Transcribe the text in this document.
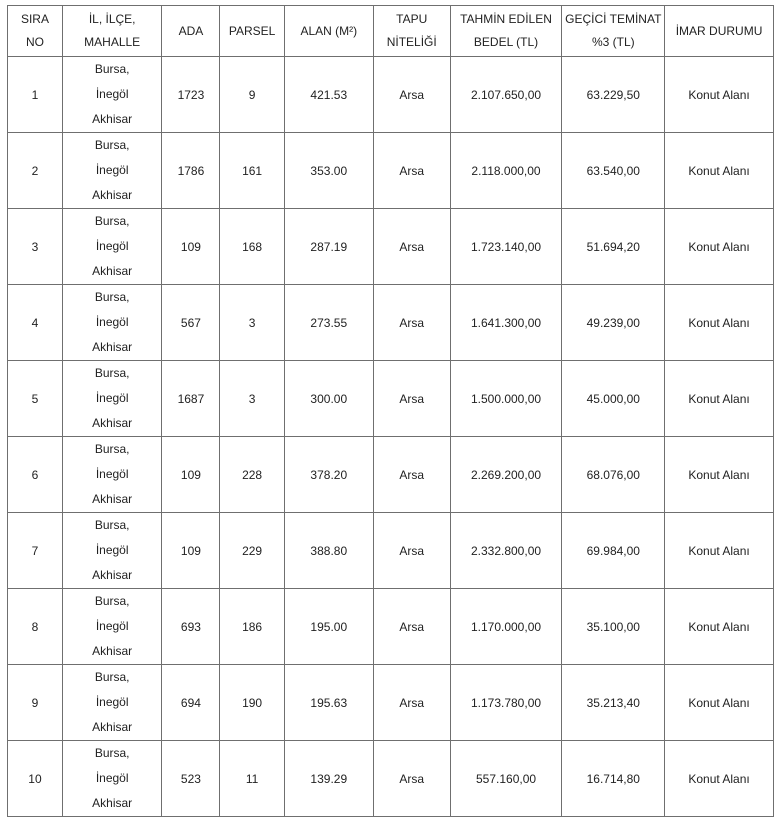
SIRA
NO	İL, İLÇE,
MAHALLE	ADA	PARSEL	ALAN (M²)	TAPU
NİTELİĞİ	TAHMİN EDİLEN
BEDEL (TL)	GEÇİCİ TEMİNAT
%3 (TL)	İMAR DURUMU
1	Bursa,
İnegöl
Akhisar	1723	9	421.53	Arsa	2.107.650,00	63.229,50	Konut Alanı
2	Bursa,
İnegöl
Akhisar	1786	161	353.00	Arsa	2.118.000,00	63.540,00	Konut Alanı
3	Bursa,
İnegöl
Akhisar	109	168	287.19	Arsa	1.723.140,00	51.694,20	Konut Alanı
4	Bursa,
İnegöl
Akhisar	567	3	273.55	Arsa	1.641.300,00	49.239,00	Konut Alanı
5	Bursa,
İnegöl
Akhisar	1687	3	300.00	Arsa	1.500.000,00	45.000,00	Konut Alanı
6	Bursa,
İnegöl
Akhisar	109	228	378.20	Arsa	2.269.200,00	68.076,00	Konut Alanı
7	Bursa,
İnegöl
Akhisar	109	229	388.80	Arsa	2.332.800,00	69.984,00	Konut Alanı
8	Bursa,
İnegöl
Akhisar	693	186	195.00	Arsa	1.170.000,00	35.100,00	Konut Alanı
9	Bursa,
İnegöl
Akhisar	694	190	195.63	Arsa	1.173.780,00	35.213,40	Konut Alanı
10	Bursa,
İnegöl
Akhisar	523	11	139.29	Arsa	557.160,00	16.714,80	Konut Alanı
